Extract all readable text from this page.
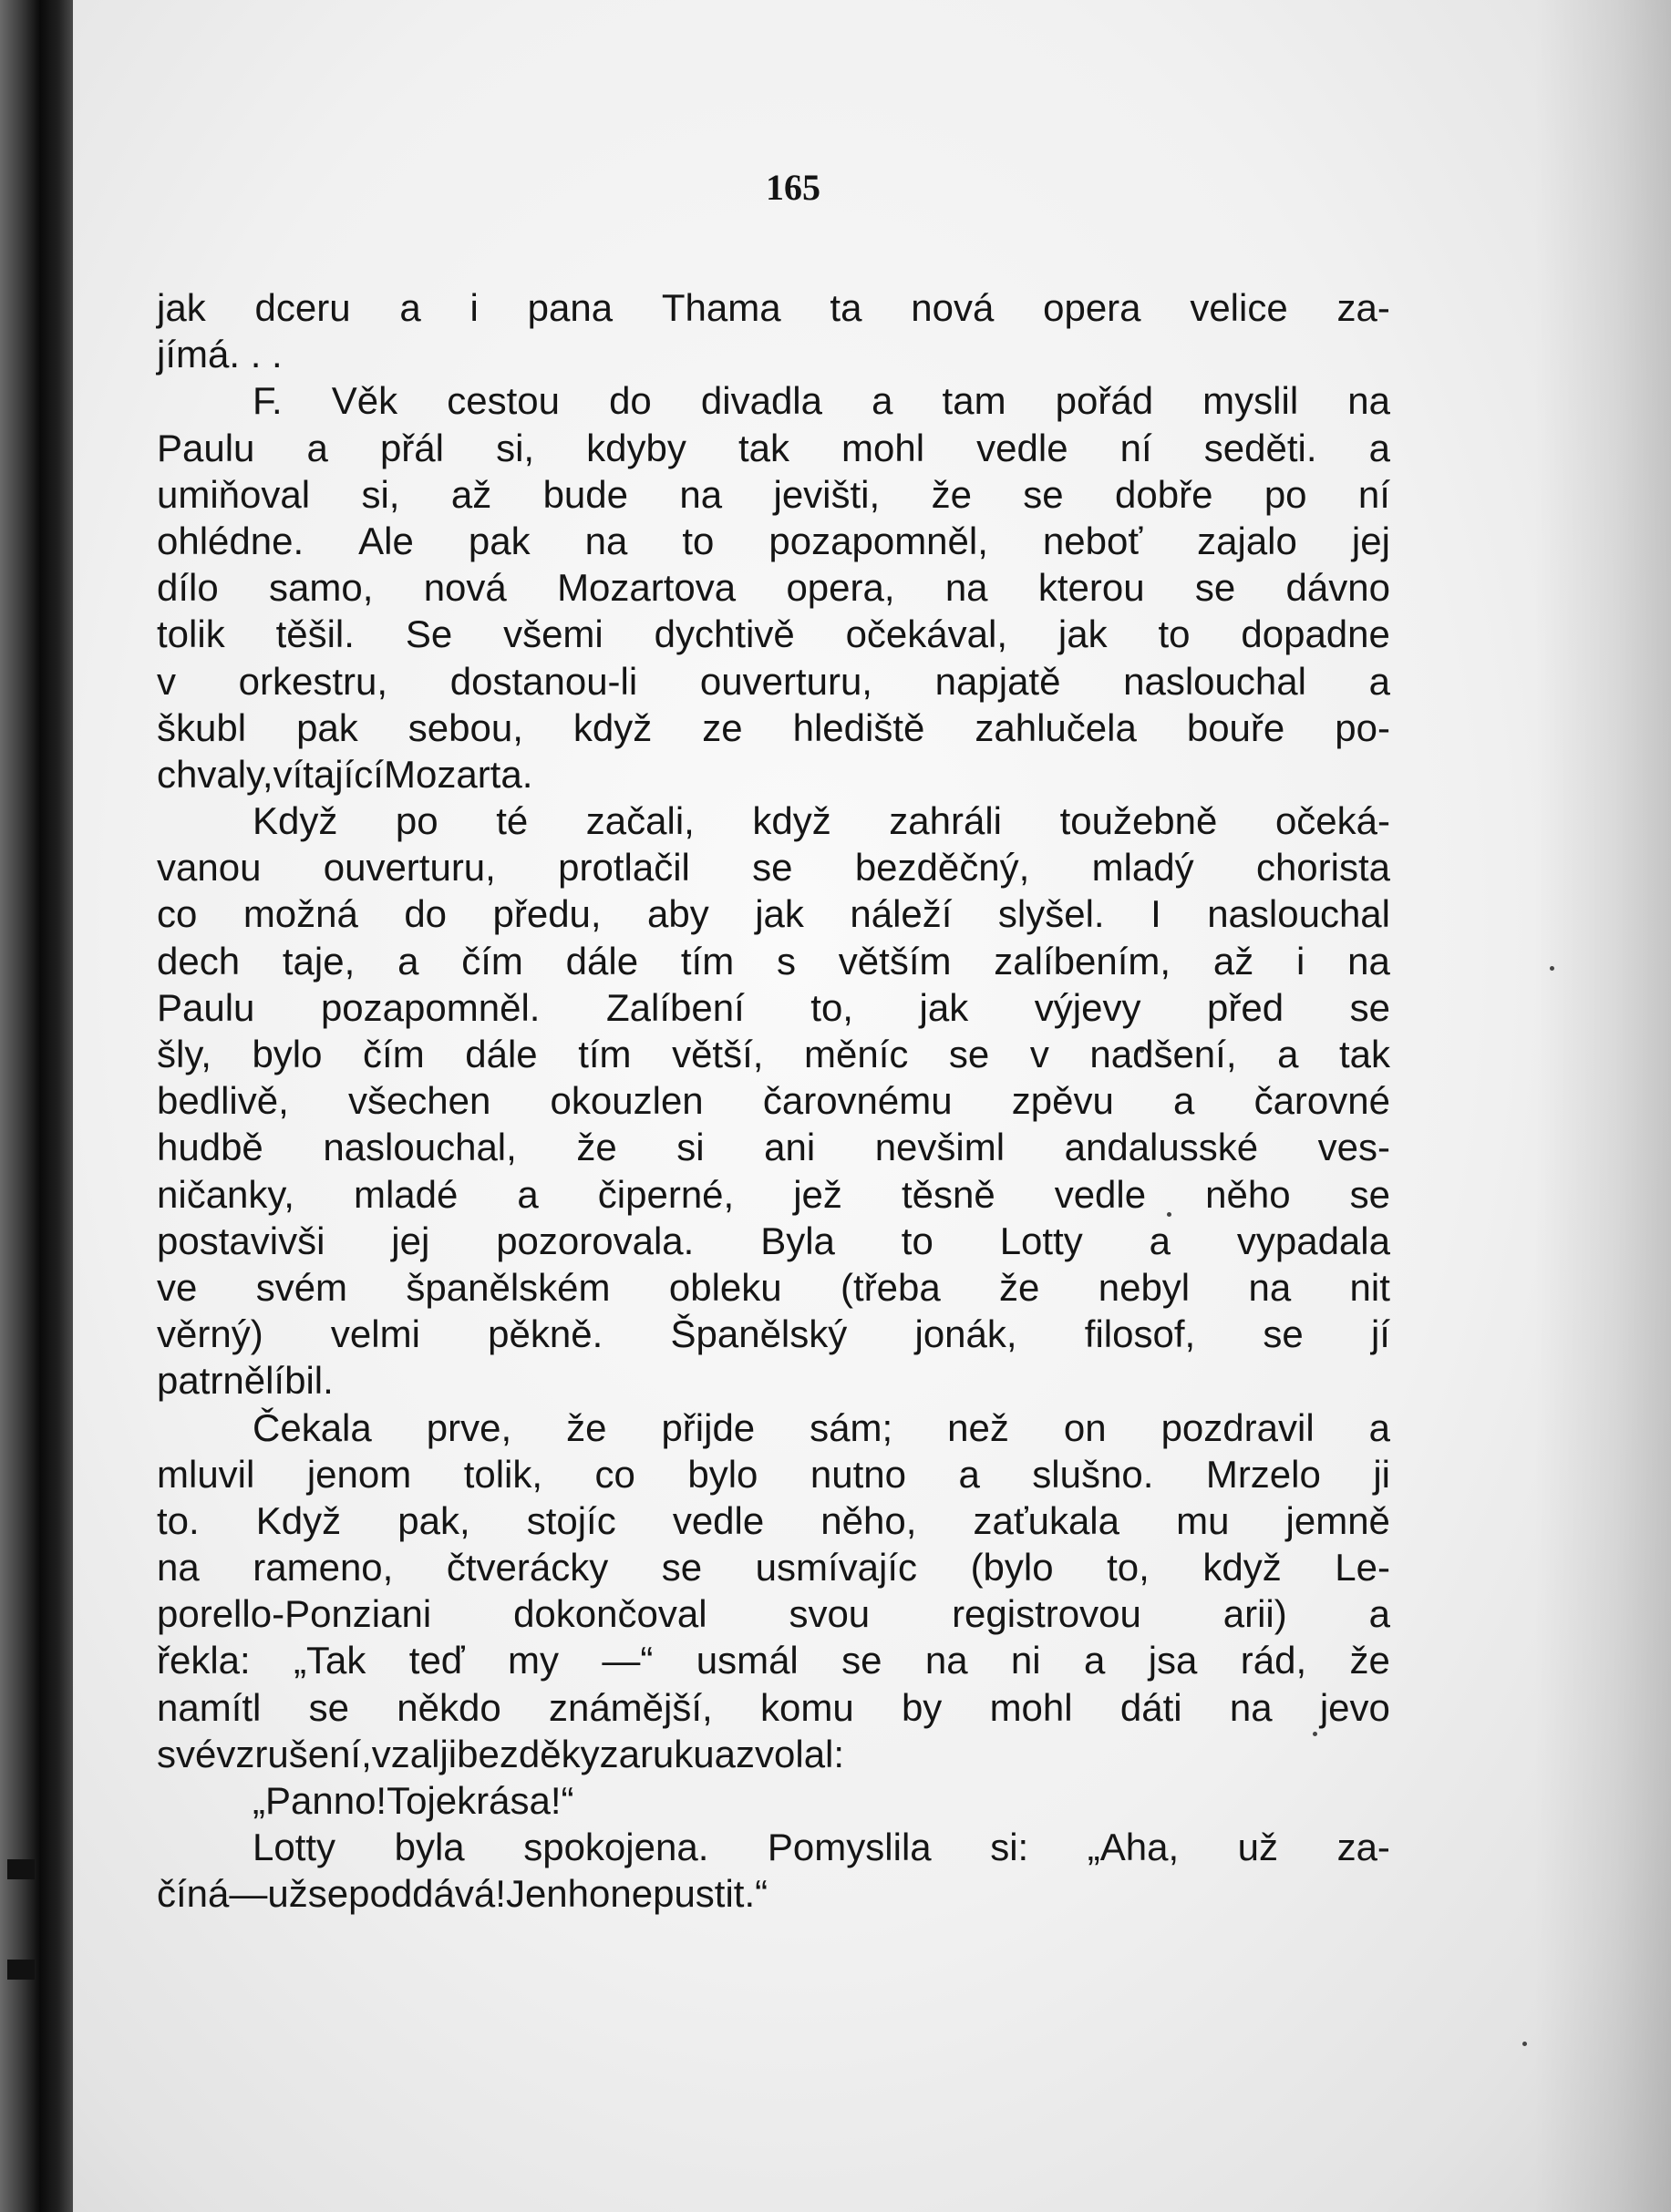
165
jak dceru a i pana Thama ta nová opera velice za-
jímá . . .
F. Věk cestou do divadla a tam pořád myslil na
Paulu a přál si, kdyby tak mohl vedle ní seděti. a
umiňoval si, až bude na jevišti, že se dobře po ní
ohlédne. Ale pak na to pozapomněl, neboť zajalo jej
dílo samo, nová Mozartova opera, na kterou se dávno
tolik těšil. Se všemi dychtivě očekával, jak to dopadne
v orkestru, dostanou-li ouverturu, napjatě naslouchal a
škubl pak sebou, když ze hlediště zahlučela bouře po-
chvaly, vítající Mozarta.
Když po té začali, když zahráli toužebně očeká-
vanou ouverturu, protlačil se bezděčný, mladý chorista
co možná do předu, aby jak náleží slyšel. I naslouchal
dech taje, a čím dále tím s větším zalíbením, až i na
Paulu pozapomněl. Zalíbení to, jak výjevy před se
šly, bylo čím dále tím větší, měníc se v nadšení, a tak
bedlivě, všechen okouzlen čarovnému zpěvu a čarovné
hudbě naslouchal, že si ani nevšiml andalusské ves-
ničanky, mladé a čiperné, jež těsně vedle něho se
postavivši jej pozorovala. Byla to Lotty a vypadala
ve svém španělském obleku (třeba že nebyl na nit
věrný) velmi pěkně. Španělský jonák, filosof, se jí
patrně líbil.
Čekala prve, že přijde sám; než on pozdravil a
mluvil jenom tolik, co bylo nutno a slušno. Mrzelo ji
to. Když pak, stojíc vedle něho, zaťukala mu jemně
na rameno, čtverácky se usmívajíc (bylo to, když Le-
porello-Ponziani dokončoval svou registrovou arii) a
řekla: „Tak teď my —“ usmál se na ni a jsa rád, že
namítl se někdo známější, komu by mohl dáti na jevo
své vzrušení, vzal ji bezděky za ruku a zvolal:
„Panno! To je krása!“
Lotty byla spokojena. Pomyslila si: „Aha, už za-
číná — už se poddává! Jen ho nepustit.“
